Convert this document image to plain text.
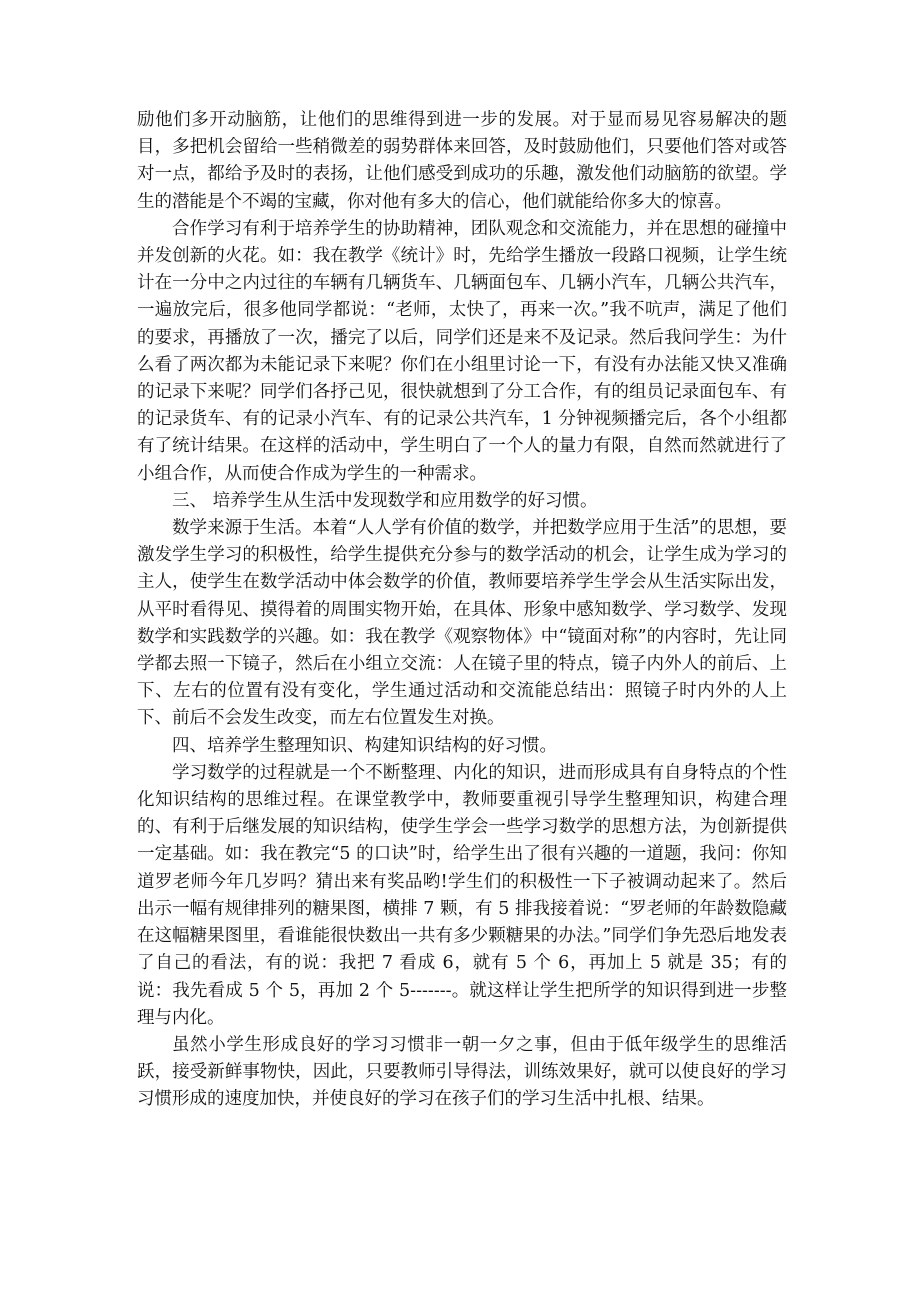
励他们多开动脑筋，让他们的思维得到进一步的发展。对于显而易见容易解决的题目，多把机会留给一些稍微差的弱势群体来回答，及时鼓励他们，只要他们答对或答对一点，都给予及时的表扬，让他们感受到成功的乐趣，激发他们动脑筋的欲望。学生的潜能是个不竭的宝藏，你对他有多大的信心，他们就能给你多大的惊喜。

合作学习有利于培养学生的协助精神，团队观念和交流能力，并在思想的碰撞中并发创新的火花。如：我在教学《统计》时，先给学生播放一段路口视频，让学生统计在一分中之内过往的车辆有几辆货车、几辆面包车、几辆小汽车，几辆公共汽车，一遍放完后，很多他同学都说：“老师，太快了，再来一次。”我不吭声，满足了他们的要求，再播放了一次，播完了以后，同学们还是来不及记录。然后我问学生：为什么看了两次都为未能记录下来呢？你们在小组里讨论一下，有没有办法能又快又准确的记录下来呢？同学们各抒己见，很快就想到了分工合作，有的组员记录面包车、有的记录货车、有的记录小汽车、有的记录公共汽车，1 分钟视频播完后，各个小组都有了统计结果。在这样的活动中，学生明白了一个人的量力有限，自然而然就进行了小组合作，从而使合作成为学生的一种需求。

三、 培养学生从生活中发现数学和应用数学的好习惯。

数学来源于生活。本着“人人学有价值的数学，并把数学应用于生活”的思想，要激发学生学习的积极性，给学生提供充分参与的数学活动的机会，让学生成为学习的主人，使学生在数学活动中体会数学的价值，教师要培养学生学会从生活实际出发，从平时看得见、摸得着的周围实物开始，在具体、形象中感知数学、学习数学、发现数学和实践数学的兴趣。如：我在教学《观察物体》中“镜面对称”的内容时，先让同学都去照一下镜子，然后在小组立交流：人在镜子里的特点，镜子内外人的前后、上下、左右的位置有没有变化，学生通过活动和交流能总结出：照镜子时内外的人上下、前后不会发生改变，而左右位置发生对换。

四、培养学生整理知识、构建知识结构的好习惯。

学习数学的过程就是一个不断整理、内化的知识，进而形成具有自身特点的个性化知识结构的思维过程。在课堂教学中，教师要重视引导学生整理知识，构建合理的、有利于后继发展的知识结构，使学生学会一些学习数学的思想方法，为创新提供一定基础。如：我在教完“5 的口诀”时，给学生出了很有兴趣的一道题，我问：你知道罗老师今年几岁吗？猜出来有奖品哟!学生们的积极性一下子被调动起来了。然后出示一幅有规律排列的糖果图，横排 7 颗，有 5 排我接着说：“罗老师的年龄数隐藏在这幅糖果图里，看谁能很快数出一共有多少颗糖果的办法。”同学们争先恐后地发表了自己的看法，有的说：我把 7 看成 6，就有 5 个 6，再加上 5 就是 35；有的说：我先看成 5 个 5，再加 2 个 5-------。就这样让学生把所学的知识得到进一步整理与内化。

虽然小学生形成良好的学习习惯非一朝一夕之事，但由于低年级学生的思维活跃，接受新鲜事物快，因此，只要教师引导得法，训练效果好，就可以使良好的学习习惯形成的速度加快，并使良好的学习在孩子们的学习生活中扎根、结果。
